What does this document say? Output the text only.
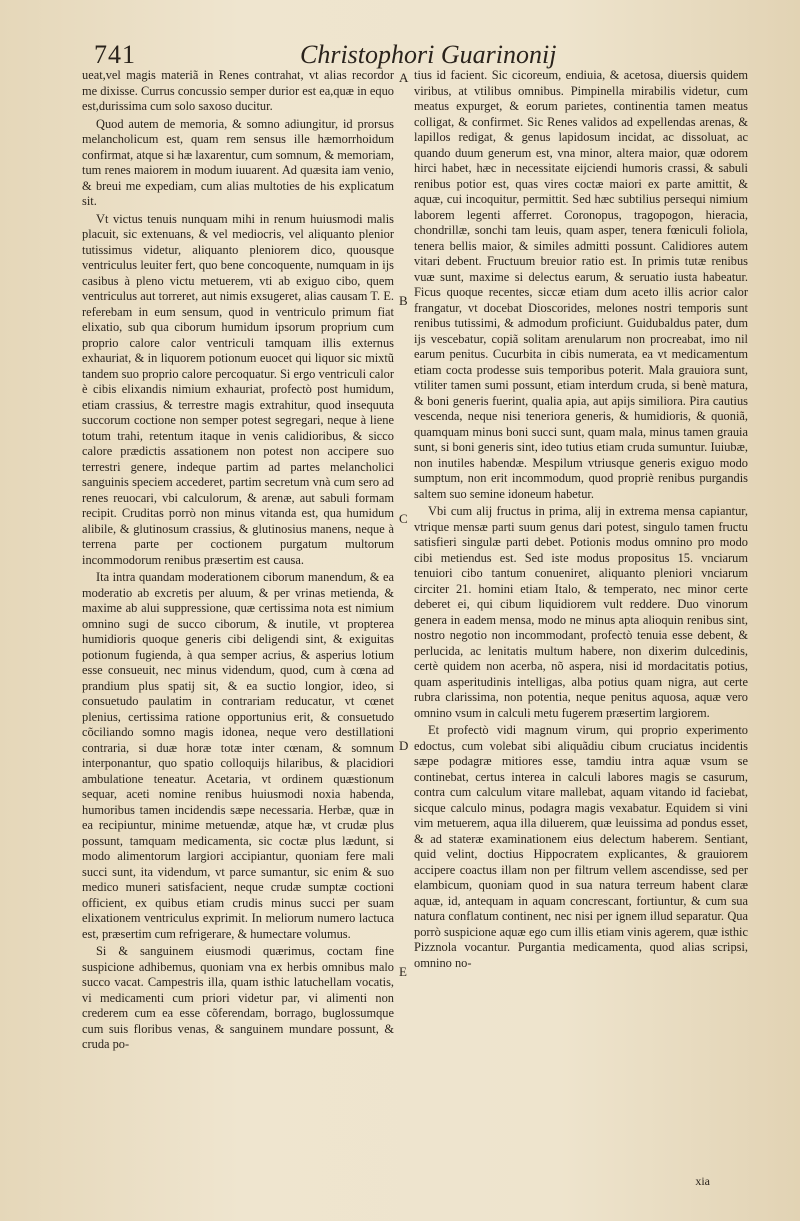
741	Christophori Guarinonij

ueat,vel magis materiã in Renes contrahat, vt alias recordor me dixisse. Currus concussio semper durior est ea,quæ in equo est,durissima cum solo saxoso ducitur.

Quod autem de memoria, & somno adiungitur, id prorsus melancholicum est, quam rem sensus ille hæmorrhoidum confirmat, atque si hæ laxarentur, cum somnum, & memoriam, tum renes maiorem in modum iuuarent. Ad quæsita iam venio, & breui me expediam, cum alias multoties de his explicatum sit.

Vt victus tenuis nunquam mihi in renum huiusmodi malis placuit, sic extenuans, & vel mediocris, vel aliquanto plenior tutissimus videtur, aliquanto pleniorem dico, quousque ventriculus leuiter fert, quo bene concoquente, numquam in ijs casibus à pleno victu metuerem, vti ab exiguo cibo, quem ventriculus aut torreret, aut nimis exsugeret, alias causam T. E. referebam in eum sensum, quod in ventriculo primum fiat elixatio, sub qua ciborum humidum ipsorum proprium cum proprio calore calor ventriculi tamquam illis externus exhauriat, & in liquorem potionum euocet qui liquor sic mixtũ tandem suo proprio calore percoquatur. Si ergo ventriculi calor è cibis elixandis nimium exhauriat, profectò post humidum, etiam crassius, & terrestre magis extrahitur, quod insequuta succorum coctione non semper potest segregari, neque à liene totum trahi, retentum itaque in venis calidioribus, & sicco calore prædictis assationem non potest non accipere suo terrestri genere, indeque partim ad partes melancholici sanguinis speciem accederet, partim secretum vnà cum sero ad renes reuocari, vbi calculorum, & arenæ, aut sabuli formam recipit. Cruditas porrò non minus vitanda est, qua humidum alibile, & glutinosum crassius, & glutinosius manens, neque à terrena parte per coctionem purgatum multorum incommodorum renibus præsertim est causa.

Ita intra quandam moderationem ciborum manendum, & ea moderatio ab excretis per aluum, & per vrinas metienda, & maxime ab alui suppressione, quæ certissima nota est nimium omnino sugi de succo ciborum, & inutile, vt propterea humidioris quoque generis cibi deligendi sint, & exiguitas potionum fugienda, à qua semper acrius, & asperius lotium esse consueuit, nec minus videndum, quod, cum à cœna ad prandium plus spatij sit, & ea suctio longior, ideo, si consuetudo paulatim in contrariam reducatur, vt cœnet plenius, certissima ratione opportunius erit, & consuetudo cõciliando somno magis idonea, neque vero destillationi contraria, si duæ horæ totæ inter cœnam, & somnum interponantur, quo spatio colloquijs hilaribus, & placidiori ambulatione teneatur. Acetaria, vt ordinem quæstionum sequar, aceti nomine renibus huiusmodi noxia habenda, humoribus tamen incidendis sæpe necessaria. Herbæ, quæ in ea recipiuntur, minime metuendæ, atque hæ, vt crudæ plus possunt, tamquam medicamenta, sic coctæ plus lædunt, si modo alimentorum largiori accipiantur, quoniam fere mali succi sunt, ita videndum, vt parce sumantur, sic enim & suo medico muneri satisfacient, neque crudæ sumptæ coctioni officient, ex quibus etiam crudis minus succi per suam elixationem ventriculus exprimit. In meliorum numero lactuca est, præsertim cum refrigerare, & humectare volumus.

Si & sanguinem eiusmodi quærimus, coctam fine suspicione adhibemus, quoniam vna ex herbis omnibus malo succo vacat. Campestris illa, quam isthic latuchellam vocatis, vi medicamenti cum priori videtur par, vi alimenti non crederem cum ea esse cõferendam, borrago, buglossumque cum suis floribus venas, & sanguinem mundare possunt, & cruda po-

A
B
C
D
E

tius id facient. Sic cicoreum, endiuia, & acetosa, diuersis quidem viribus, at vtilibus omnibus. Pimpinella mirabilis videtur, cum meatus expurget, & eorum parietes, continentia tamen meatus colligat, & confirmet. Sic Renes validos ad expellendas arenas, & lapillos redigat, & genus lapidosum incidat, ac dissoluat, ac quando duum generum est, vna minor, altera maior, quæ odorem hirci habet, hæc in necessitate eijciendi humoris crassi, & sabuli renibus potior est, quas vires coctæ maiori ex parte amittit, & aquæ, cui incoquitur, permittit. Sed hæc subtilius persequi nimium laborem legenti afferret. Coronopus, tragopogon, hieracia, chondrillæ, sonchi tam leuis, quam asper, tenera fœniculi foliola, tenera bellis maior, & similes admitti possunt. Calidiores autem vitari debent. Fructuum breuior ratio est. In primis tutæ renibus vuæ sunt, maxime si delectus earum, & seruatio iusta habeatur. Ficus quoque recentes, siccæ etiam dum aceto illis acrior calor frangatur, vt docebat Dioscorides, melones nostri temporis sunt renibus tutissimi, & admodum proficiunt. Guidubaldus pater, dum ijs vescebatur, copiã solitam arenularum non procreabat, imo nil earum penitus. Cucurbita in cibis numerata, ea vt medicamentum etiam cocta prodesse suis temporibus poterit. Mala grauiora sunt, vtiliter tamen sumi possunt, etiam interdum cruda, si benè matura, & boni generis fuerint, qualia apia, aut apijs similiora. Pira cautius vescenda, neque nisi teneriora generis, & humidioris, & quoniã, quamquam minus boni succi sunt, quam mala, minus tamen grauia sunt, si boni generis sint, ideo tutius etiam cruda sumuntur. Iuiubæ, non inutiles habendæ. Mespilum vtriusque generis exiguo modo sumptum, non erit incommodum, quod propriè renibus purgandis saltem suo semine idoneum habetur.

Vbi cum alij fructus in prima, alij in extrema mensa capiantur, vtrique mensæ parti suum genus dari potest, singulo tamen fructu satisfieri singulæ parti debet. Potionis modus omnino pro modo cibi metiendus est. Sed iste modus propositus 15. vnciarum tenuiori cibo tantum conueniret, aliquanto pleniori vnciarum circiter 21. homini etiam Italo, & temperato, nec minor certe deberet ei, qui cibum liquidiorem vult reddere. Duo vinorum genera in eadem mensa, modo ne minus apta alioquin renibus sint, nostro negotio non incommodant, profectò tenuia esse debent, & perlucida, ac lenitatis multum habere, non dixerim dulcedinis, certè quidem non acerba, nõ aspera, nisi id mordacitatis potius, quam asperitudinis intelligas, alba potius quam nigra, aut certe rubra clarissima, non potentia, neque penitus aquosa, aquæ vero omnino vsum in calculi metu fugerem præsertim largiorem.

Et profectò vidi magnum virum, qui proprio experimento edoctus, cum volebat sibi aliquãdiu cibum cruciatus incidentis sæpe podagræ mitiores esse, tamdiu intra aquæ vsum se continebat, certus interea in calculi labores magis se casurum, contra cum calculum vitare mallebat, aquam vitando id faciebat, sicque calculo minus, podagra magis vexabatur. Equidem si vini vim metuerem, aqua illa diluerem, quæ leuissima ad pondus esset, & ad stateræ examinationem eius delectum haberem. Sentiant, quid velint, doctius Hippocratem explicantes, & grauiorem accipere coactus illam non per filtrum vellem ascendisse, sed per elambicum, quoniam quod in sua natura terreum habent claræ aquæ, id, antequam in aquam concrescant, fortiuntur, & cum sua natura conflatum continent, nec nisi per ignem illud separatur. Qua porrò suspicione aquæ ego cum illis etiam vinis agerem, quæ isthic Pizznola vocantur. Purgantia medicamenta, quod alias scripsi, omnino no-

xia
